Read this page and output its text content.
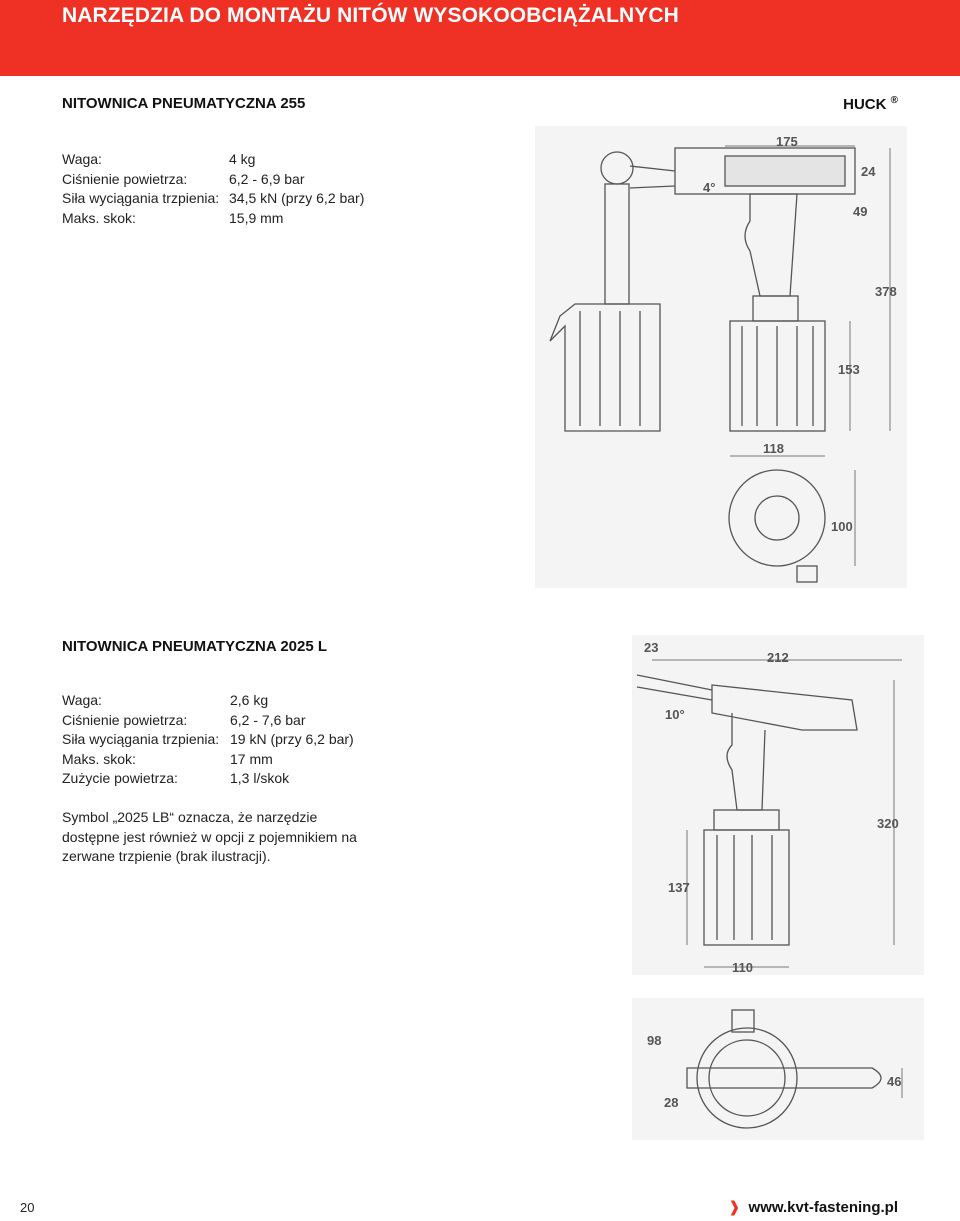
NARZĘDZIA DO MONTAŻU NITÓW WYSOKOOBCIĄŻALNYCH
NITOWNICA PNEUMATYCZNA 255	HUCK ®
Waga:	4 kg
Ciśnienie powietrza:	6,2 - 6,9 bar
Siła wyciągania trzpienia: 34,5 kN (przy 6,2 bar)
Maks. skok:	15,9 mm
175
24
4°
49
378
153
118
100
NITOWNICA PNEUMATYCZNA 2025 L
Waga:	2,6 kg
Ciśnienie powietrza:	6,2 - 7,6 bar
Siła wyciągania trzpienia: 19 kN (przy 6,2 bar)
Maks. skok:	17 mm
Zużycie powietrza:	1,3 l/skok
Symbol „2025 LB“ oznacza, że narzędzie dostępne jest również w opcji z pojemnikiem na zerwane trzpienie (brak ilustracji).
23
212
10°
320
137
110
98
46
28
20	❱ www.kvt-fastening.pl
